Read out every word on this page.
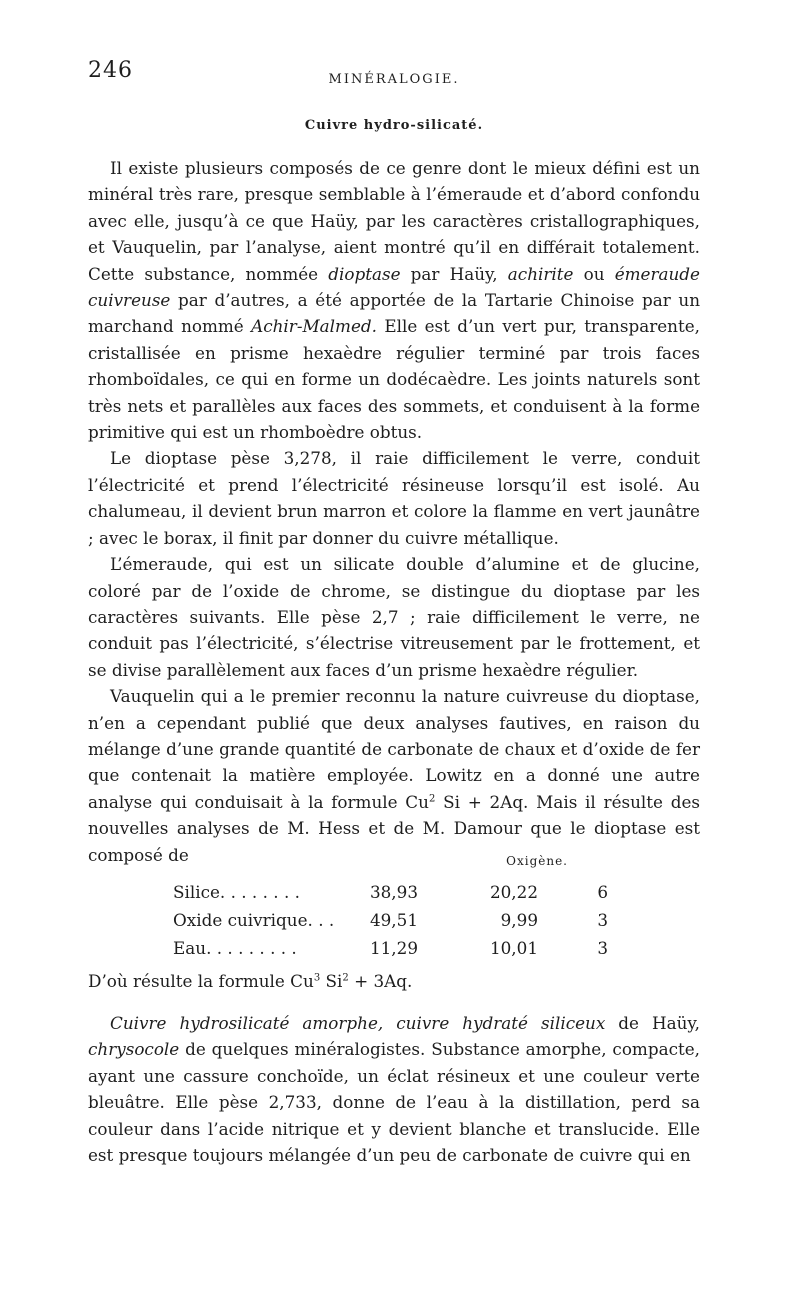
246	MINÉRALOGIE.
Cuivre hydro-silicaté.

Il existe plusieurs composés de ce genre dont le mieux défini est un minéral très rare, presque semblable à l’émeraude et d’abord confondu avec elle, jusqu’à ce que Haüy, par les caractères cristallographiques, et Vauquelin, par l’analyse, aient montré qu’il en différait totalement. Cette substance, nommée dioptase par Haüy, achirite ou émeraude cuivreuse par d’autres, a été apportée de la Tartarie Chinoise par un marchand nommé Achir-Malmed. Elle est d’un vert pur, transparente, cristallisée en prisme hexaèdre régulier terminé par trois faces rhomboïdales, ce qui en forme un dodécaèdre. Les joints naturels sont très nets et parallèles aux faces des sommets, et conduisent à la forme primitive qui est un rhomboèdre obtus.

Le dioptase pèse 3,278, il raie difficilement le verre, conduit l’électricité et prend l’électricité résineuse lorsqu’il est isolé. Au chalumeau, il devient brun marron et colore la flamme en vert jaunâtre ; avec le borax, il finit par donner du cuivre métallique.

L’émeraude, qui est un silicate double d’alumine et de glucine, coloré par de l’oxide de chrome, se distingue du dioptase par les caractères suivants. Elle pèse 2,7 ; raie difficilement le verre, ne conduit pas l’électricité, s’électrise vitreusement par le frottement, et se divise parallèlement aux faces d’un prisme hexaèdre régulier.

Vauquelin qui a le premier reconnu la nature cuivreuse du dioptase, n’en a cependant publié que deux analyses fautives, en raison du mélange d’une grande quantité de carbonate de chaux et d’oxide de fer que contenait la matière employée. Lowitz en a donné une autre analyse qui conduisait à la formule Cu$^2$ Si + 2Aq. Mais il résulte des nouvelles analyses de M. Hess et de M. Damour que le dioptase est composé de	Oxigène.
Silice. . . . . . . .	38,93	20,22	6
Oxide cuivrique. . .	49,51	9,99	3
Eau. . . . . . . . .	11,29	10,01	3
D’où résulte la formule Cu$^3$ $Si^2 + 3Aq$.

Cuivre hydrosilicaté amorphe, cuivre hydraté siliceux de Haüy, chrysocole de quelques minéralogistes. Substance amorphe, compacte, ayant une cassure conchoïde, un éclat résineux et une couleur verte bleuâtre. Elle pèse 2,733, donne de l’eau à la distillation, perd sa couleur dans l’acide nitrique et y devient blanche et translucide. Elle est presque toujours mélangée d’un peu de carbonate de cuivre qui en
